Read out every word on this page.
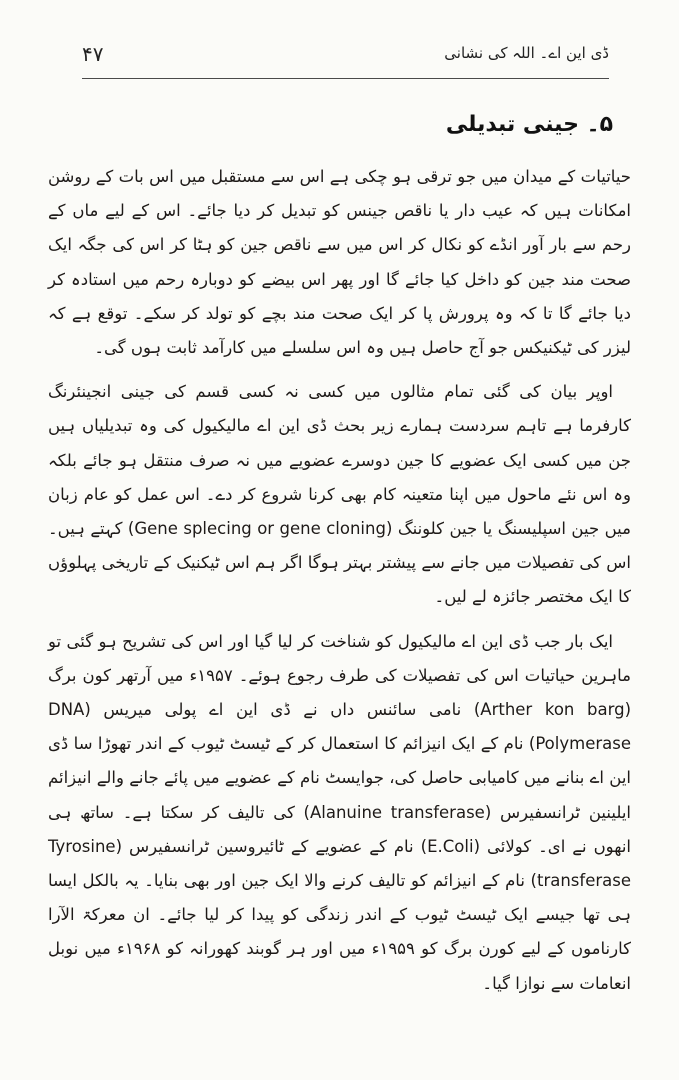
۴۷	ڈی این اے۔ اللہ کی نشانی
۵۔ جینی تبدیلی

حیاتیات کے میدان میں جو ترقی ہو چکی ہے اس سے مستقبل میں اس بات کے روشن امکانات ہیں کہ عیب دار یا ناقص جینس کو تبدیل کر دیا جائے۔ اس کے لیے ماں کے رحم سے بار آور انڈے کو نکال کر اس میں سے ناقص جین کو ہٹا کر اس کی جگہ ایک صحت مند جین کو داخل کیا جائے گا اور پھر اس بیضے کو دوبارہ رحم میں استادہ کر دیا جائے گا تا کہ وہ پرورش پا کر ایک صحت مند بچے کو تولد کر سکے۔ توقع ہے کہ لیزر کی ٹیکنیکس جو آج حاصل ہیں وہ اس سلسلے میں کارآمد ثابت ہوں گی۔

اوپر بیان کی گئی تمام مثالوں میں کسی نہ کسی قسم کی جینی انجینئرنگ کارفرما ہے تاہم سردست ہمارے زیر بحث ڈی این اے مالیکیول کی وہ تبدیلیاں ہیں جن میں کسی ایک عضویے کا جین دوسرے عضویے میں نہ صرف منتقل ہو جائے بلکہ وہ اس نئے ماحول میں اپنا متعینہ کام بھی کرنا شروع کر دے۔ اس عمل کو عام زبان میں جین اسپلیسنگ یا جین کلوننگ (Gene splecing or gene cloning) کہتے ہیں۔ اس کی تفصیلات میں جانے سے پیشتر بہتر ہوگا اگر ہم اس ٹیکنیک کے تاریخی پہلوؤں کا ایک مختصر جائزہ لے لیں۔

ایک بار جب ڈی این اے مالیکیول کو شناخت کر لیا گیا اور اس کی تشریح ہو گئی تو ماہرین حیاتیات اس کی تفصیلات کی طرف رجوع ہوئے۔ ۱۹۵۷ء میں آرتھر کون برگ (Arther kon barg) نامی سائنس داں نے ڈی این اے پولی میریس (DNA Polymerase) نام کے ایک انیزائم کا استعمال کر کے ٹیسٹ ٹیوب کے اندر تھوڑا سا ڈی این اے بنانے میں کامیابی حاصل کی، جوایسٹ نام کے عضویے میں پائے جانے والے انیزائم ایلینین ٹرانسفیرس (Alanuine transferase) کی تالیف کر سکتا ہے۔ ساتھ ہی انھوں نے ای۔ کولائی (E.Coli) نام کے عضویے کے ٹائیروسین ٹرانسفیرس (Tyrosine transferase) نام کے انیزائم کو تالیف کرنے والا ایک جین اور بھی بنایا۔ یہ بالکل ایسا ہی تھا جیسے ایک ٹیسٹ ٹیوب کے اندر زندگی کو پیدا کر لیا جائے۔ ان معرکۃ الآرا کارناموں کے لیے کورن برگ کو ۱۹۵۹ء میں اور ہر گوبند کھورانہ کو ۱۹۶۸ء میں نوبل انعامات سے نوازا گیا۔
